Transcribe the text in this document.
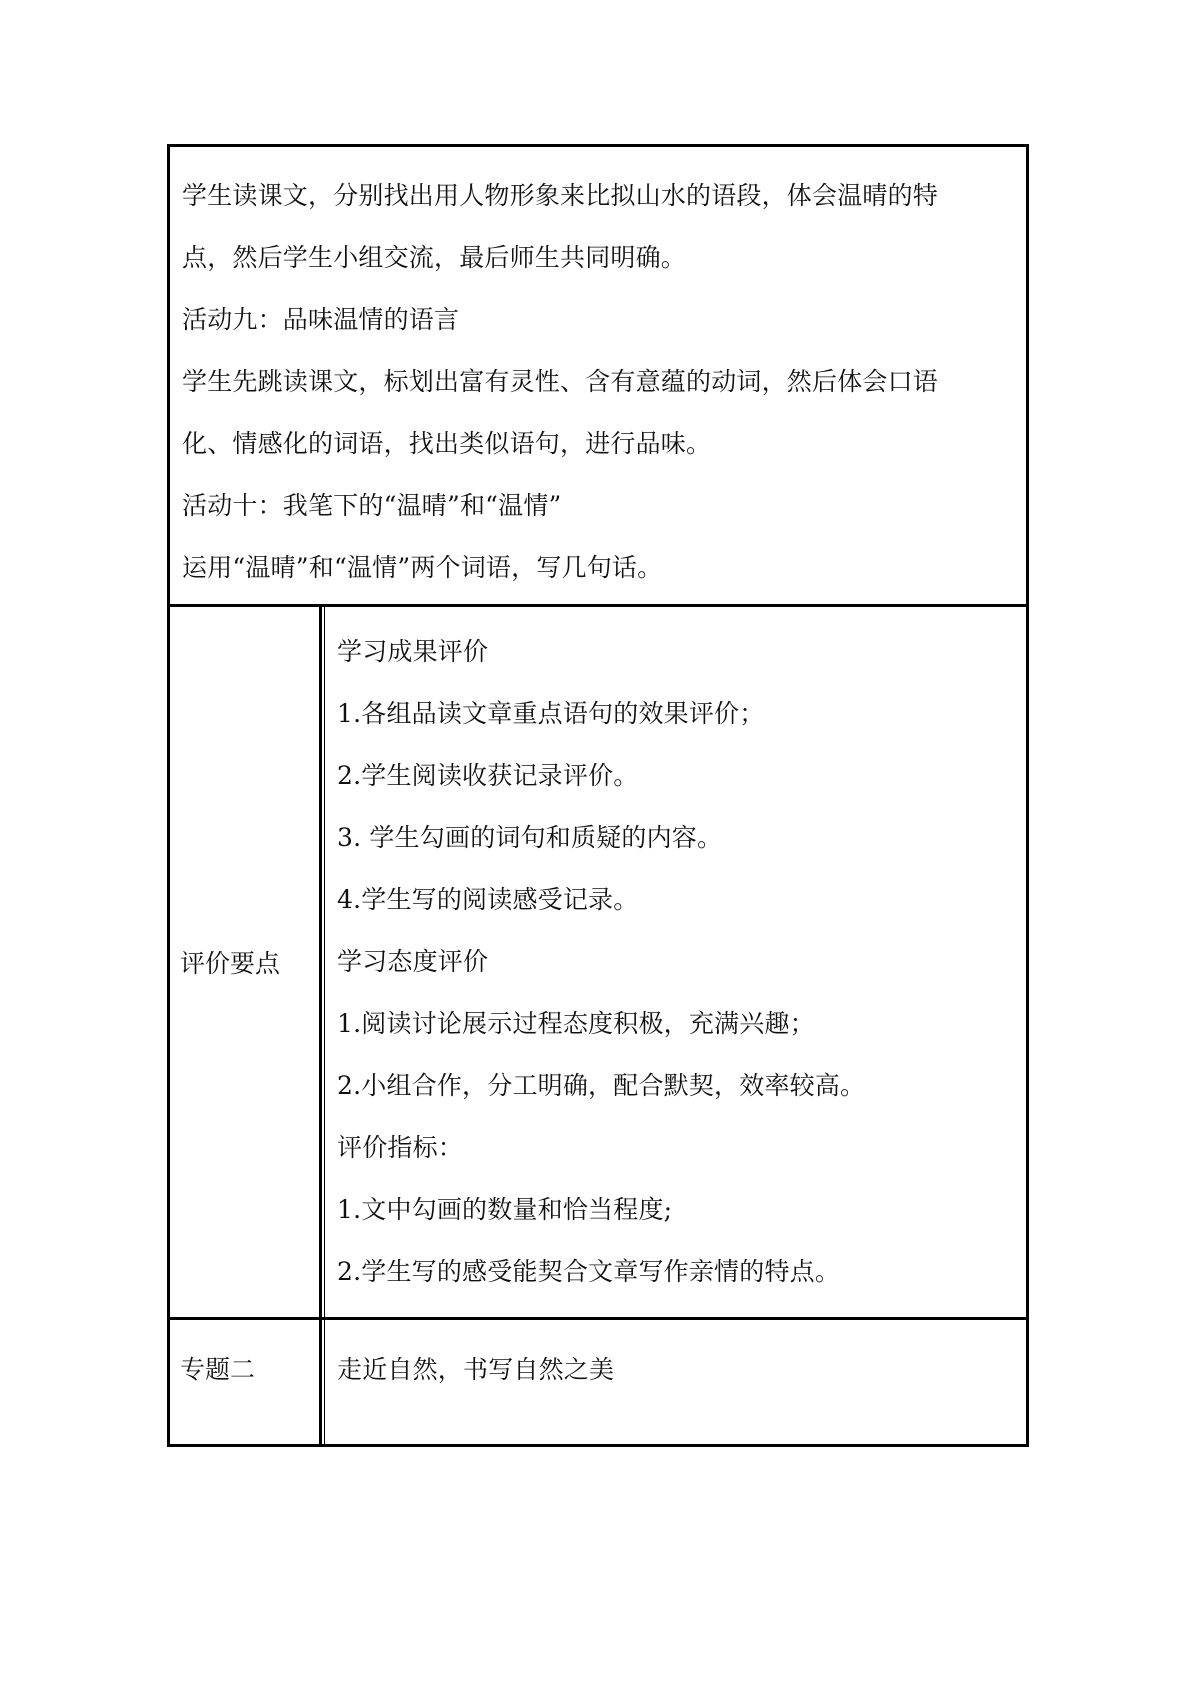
学生读课文，分别找出用人物形象来比拟山水的语段，体会温晴的特
点，然后学生小组交流，最后师生共同明确。
活动九：品味温情的语言
学生先跳读课文，标划出富有灵性、含有意蕴的动词，然后体会口语
化、情感化的词语，找出类似语句，进行品味。
活动十：我笔下的“温晴”和“温情”
运用“温晴”和“温情”两个词语，写几句话。
评价要点
学习成果评价
1.各组品读文章重点语句的效果评价；
2.学生阅读收获记录评价。
3. 学生勾画的词句和质疑的内容。
4.学生写的阅读感受记录。
学习态度评价
1.阅读讨论展示过程态度积极，充满兴趣；
2.小组合作，分工明确，配合默契，效率较高。
评价指标：
1.文中勾画的数量和恰当程度;
2.学生写的感受能契合文章写作亲情的特点。
专题二	走近自然，书写自然之美
